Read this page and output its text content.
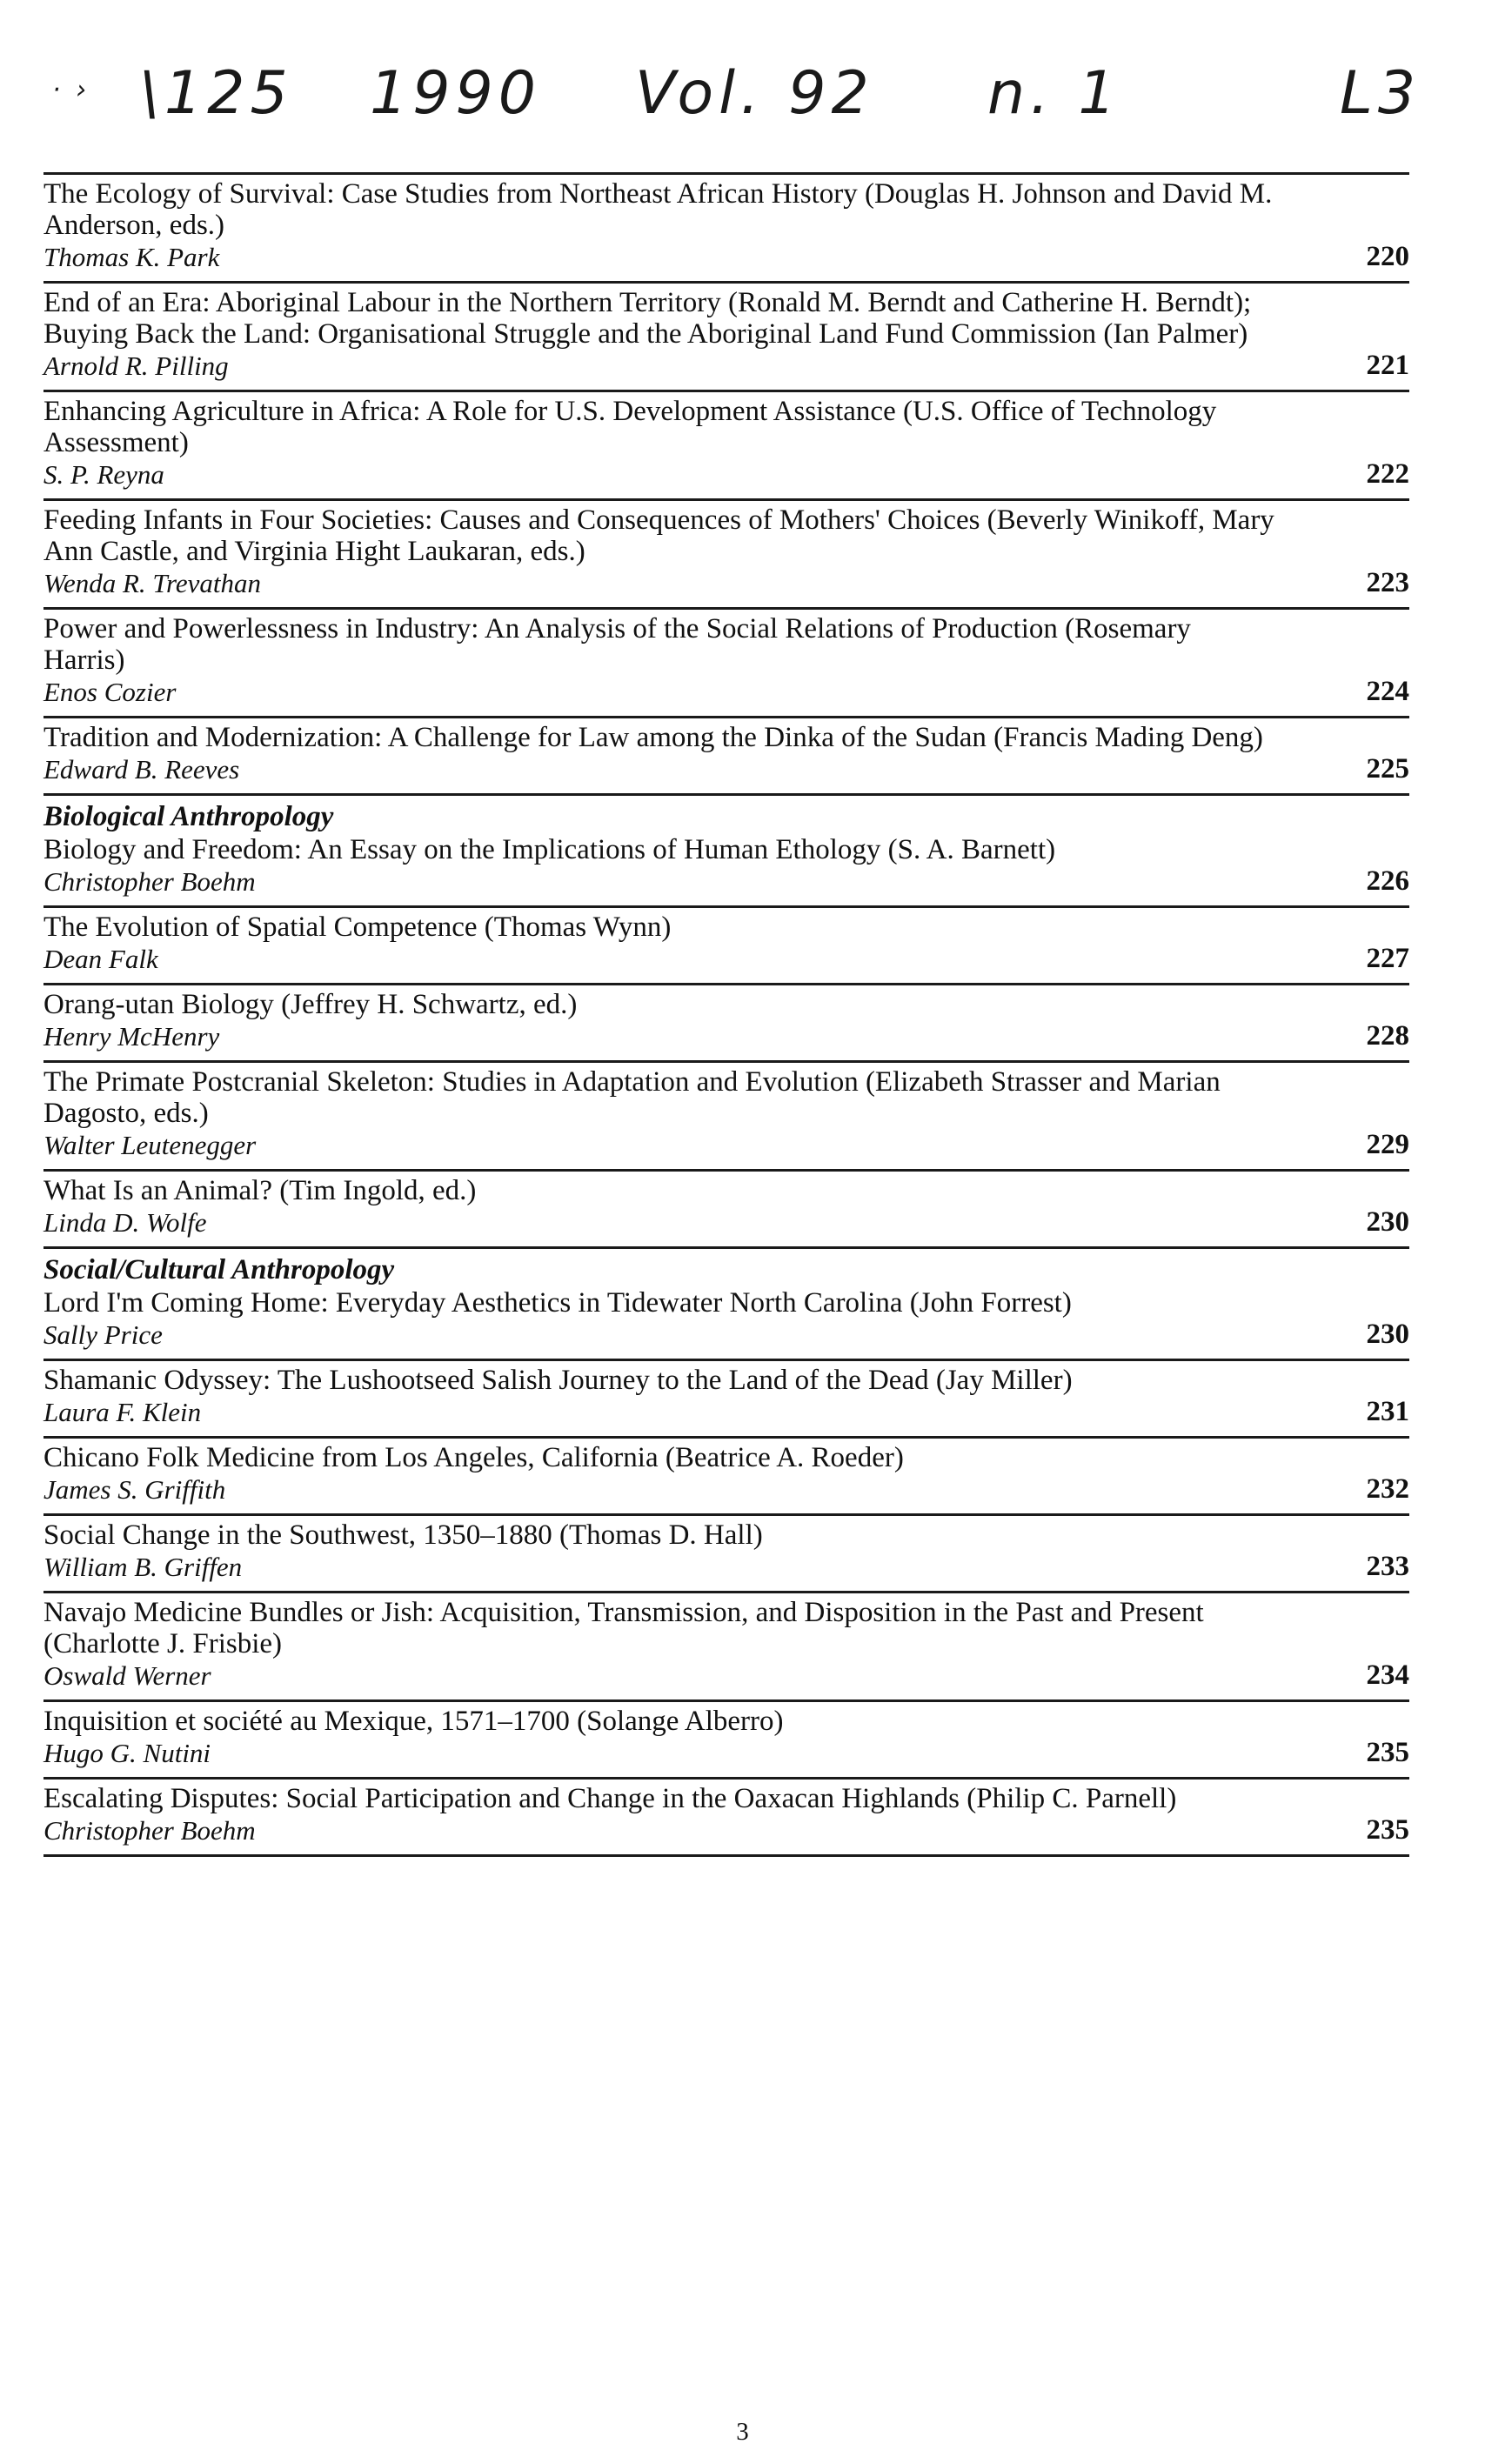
· › \125 1990 Vol. 92 n. 1	L3
The Ecology of Survival: Case Studies from Northeast African History (Douglas H. Johnson and David M. Anderson, eds.)
Thomas K. Park	220
End of an Era: Aboriginal Labour in the Northern Territory (Ronald M. Berndt and Catherine H. Berndt); Buying Back the Land: Organisational Struggle and the Aboriginal Land Fund Commission (Ian Palmer)
Arnold R. Pilling	221
Enhancing Agriculture in Africa: A Role for U.S. Development Assistance (U.S. Office of Technology Assessment)
S. P. Reyna	222
Feeding Infants in Four Societies: Causes and Consequences of Mothers' Choices (Beverly Winikoff, Mary Ann Castle, and Virginia Hight Laukaran, eds.)
Wenda R. Trevathan	223
Power and Powerlessness in Industry: An Analysis of the Social Relations of Production (Rosemary Harris)
Enos Cozier	224
Tradition and Modernization: A Challenge for Law among the Dinka of the Sudan (Francis Mading Deng)
Edward B. Reeves	225
Biological Anthropology
Biology and Freedom: An Essay on the Implications of Human Ethology (S. A. Barnett)
Christopher Boehm	226
The Evolution of Spatial Competence (Thomas Wynn)
Dean Falk	227
Orang-utan Biology (Jeffrey H. Schwartz, ed.)
Henry McHenry	228
The Primate Postcranial Skeleton: Studies in Adaptation and Evolution (Elizabeth Strasser and Marian Dagosto, eds.)
Walter Leutenegger	229
What Is an Animal? (Tim Ingold, ed.)
Linda D. Wolfe	230
Social/Cultural Anthropology
Lord I'm Coming Home: Everyday Aesthetics in Tidewater North Carolina (John Forrest)
Sally Price	230
Shamanic Odyssey: The Lushootseed Salish Journey to the Land of the Dead (Jay Miller)
Laura F. Klein	231
Chicano Folk Medicine from Los Angeles, California (Beatrice A. Roeder)
James S. Griffith	232
Social Change in the Southwest, 1350–1880 (Thomas D. Hall)
William B. Griffen	233
Navajo Medicine Bundles or Jish: Acquisition, Transmission, and Disposition in the Past and Present (Charlotte J. Frisbie)
Oswald Werner	234
Inquisition et société au Mexique, 1571–1700 (Solange Alberro)
Hugo G. Nutini	235
Escalating Disputes: Social Participation and Change in the Oaxacan Highlands (Philip C. Parnell)
Christopher Boehm	235
3
